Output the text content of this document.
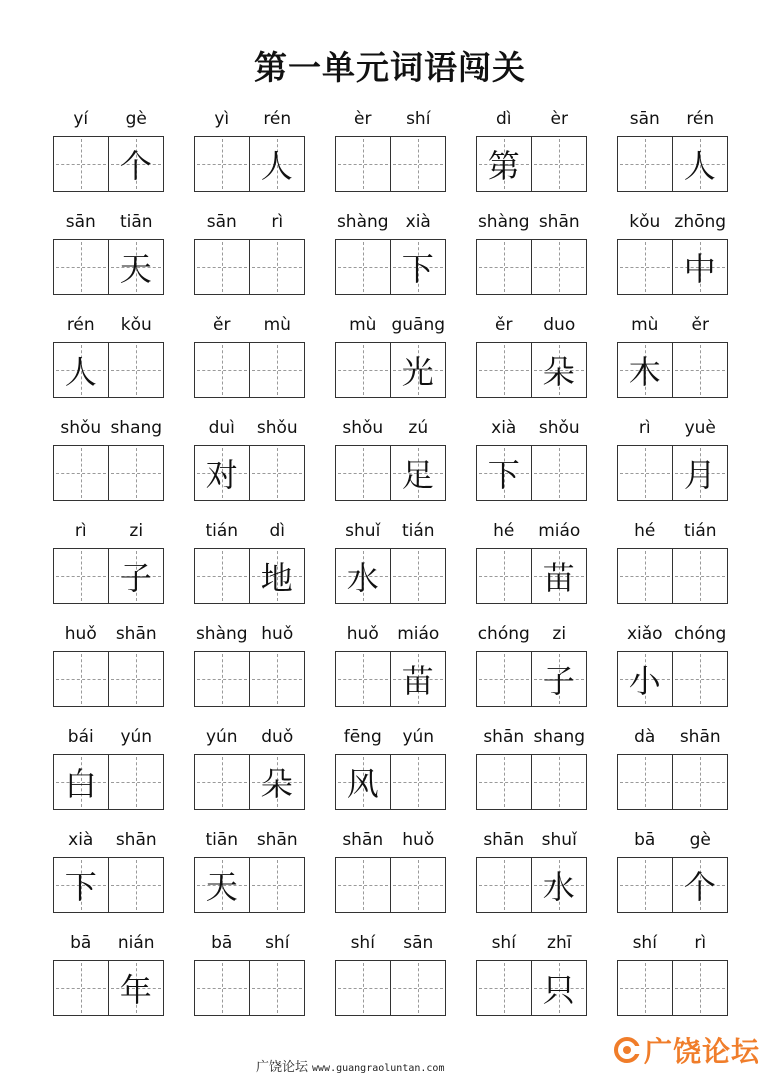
第一单元词语闯关
yí	gè
个
yì	rén
人
èr	shí	dì	èr
第
sān	rén
人
sān	tiān
天
sān	rì	shàng	xià
下
shàng shān	kǒu zhōng
中
rén	kǒu
人
ěr	mù	mù guāng
光
ěr	duo
朵
mù	ěr
木
shǒu shang	duì	shǒu
对
shǒu	zú
足
xià	shǒu
下
rì	yuè
月
rì	zi
子
tián	dì
地
shuǐ	tián
水
hé	miáo
苗
hé	tián
huǒ	shān	shàng huǒ	huǒ	miáo
苗
chóng	zi
子
xiǎo chóng
小
bái	yún
白
yún	duǒ
朵
fēng	yún
风
shān shang	dà	shān
xià	shān
下
tiān	shān
天
shān	huǒ	shān	shuǐ
水
bā	gè
个
bā	nián
年
bā	shí	shí	sān	shí	zhī
只
shí	rì
广饶论坛 www.guangraoluntan.com
广饶论坛
